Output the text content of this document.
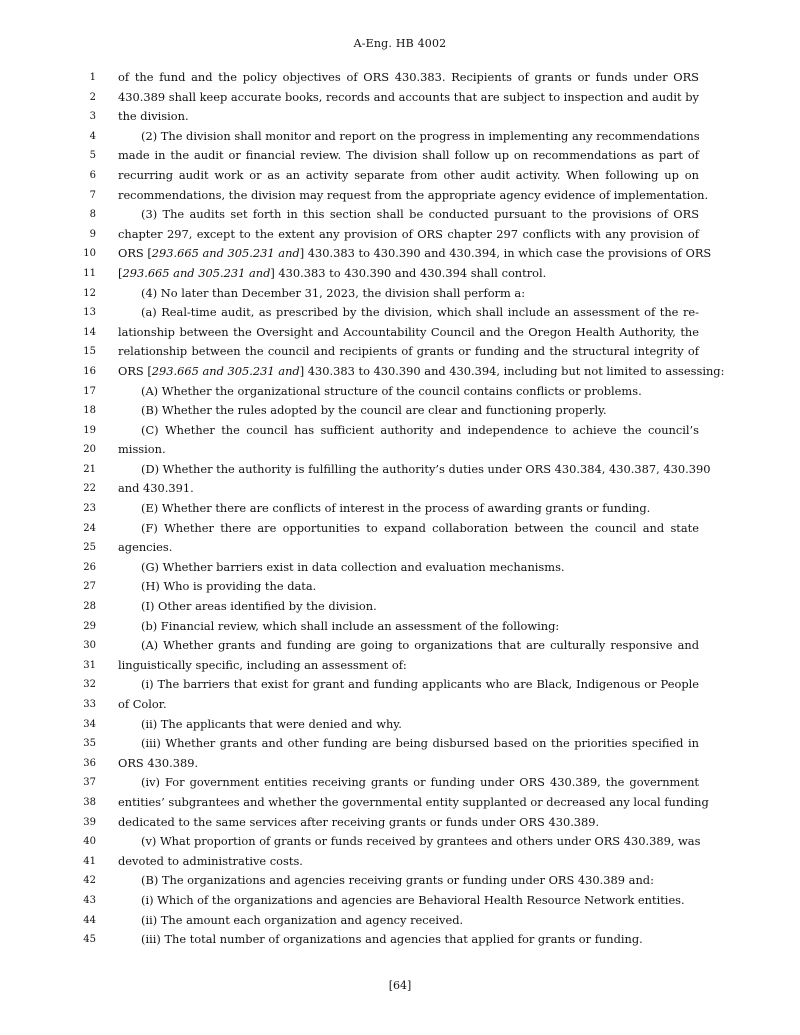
A-Eng. HB 4002
1 of the fund and the policy objectives of ORS 430.383. Recipients of grants or funds under ORS
2 430.389 shall keep accurate books, records and accounts that are subject to inspection and audit by
3 the division.
4	(2) The division shall monitor and report on the progress in implementing any recommendations
5 made in the audit or financial review. The division shall follow up on recommendations as part of
6 recurring audit work or as an activity separate from other audit activity. When following up on
7 recommendations, the division may request from the appropriate agency evidence of implementation.
8	(3) The audits set forth in this section shall be conducted pursuant to the provisions of ORS
9 chapter 297, except to the extent any provision of ORS chapter 297 conflicts with any provision of
10 ORS [293.665 and 305.231 and] 430.383 to 430.390 and 430.394, in which case the provisions of ORS
11 [293.665 and 305.231 and] 430.383 to 430.390 and 430.394 shall control.
12	(4) No later than December 31, 2023, the division shall perform a:
13	(a) Real-time audit, as prescribed by the division, which shall include an assessment of the re-
14 lationship between the Oversight and Accountability Council and the Oregon Health Authority, the
15 relationship between the council and recipients of grants or funding and the structural integrity of
16 ORS [293.665 and 305.231 and] 430.383 to 430.390 and 430.394, including but not limited to assessing:
17	(A) Whether the organizational structure of the council contains conflicts or problems.
18	(B) Whether the rules adopted by the council are clear and functioning properly.
19	(C) Whether the council has sufficient authority and independence to achieve the council’s
20 mission.
21	(D) Whether the authority is fulfilling the authority’s duties under ORS 430.384, 430.387, 430.390
22 and 430.391.
23	(E) Whether there are conflicts of interest in the process of awarding grants or funding.
24	(F) Whether there are opportunities to expand collaboration between the council and state
25 agencies.
26	(G) Whether barriers exist in data collection and evaluation mechanisms.
27	(H) Who is providing the data.
28	(I) Other areas identified by the division.
29	(b) Financial review, which shall include an assessment of the following:
30	(A) Whether grants and funding are going to organizations that are culturally responsive and
31 linguistically specific, including an assessment of:
32	(i) The barriers that exist for grant and funding applicants who are Black, Indigenous or People
33 of Color.
34	(ii) The applicants that were denied and why.
35	(iii) Whether grants and other funding are being disbursed based on the priorities specified in
36 ORS 430.389.
37	(iv) For government entities receiving grants or funding under ORS 430.389, the government
38 entities’ subgrantees and whether the governmental entity supplanted or decreased any local funding
39 dedicated to the same services after receiving grants or funds under ORS 430.389.
40	(v) What proportion of grants or funds received by grantees and others under ORS 430.389, was
41 devoted to administrative costs.
42	(B) The organizations and agencies receiving grants or funding under ORS 430.389 and:
43	(i) Which of the organizations and agencies are Behavioral Health Resource Network entities.
44	(ii) The amount each organization and agency received.
45	(iii) The total number of organizations and agencies that applied for grants or funding.
[64]
